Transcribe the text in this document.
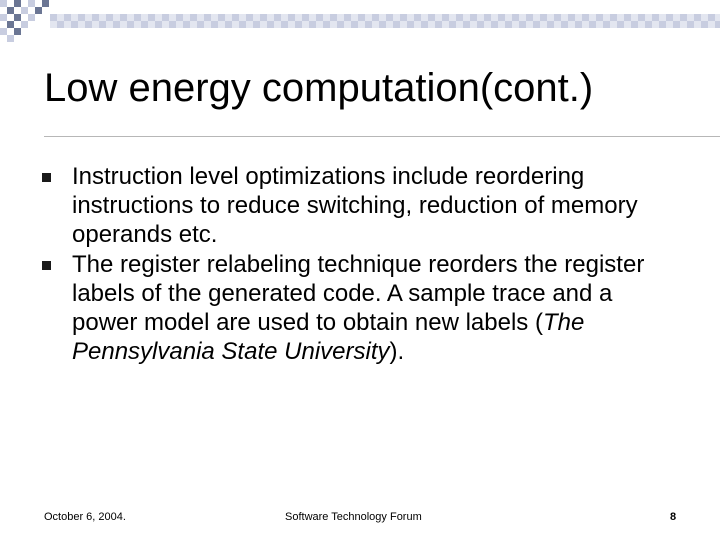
Low energy computation(cont.)
Instruction level optimizations include reordering instructions to reduce switching, reduction of memory operands etc.
The register relabeling technique reorders the register labels of the generated code. A sample trace and a power model are used to obtain new labels (The Pennsylvania State University).
October 6, 2004.	Software Technology Forum	8
